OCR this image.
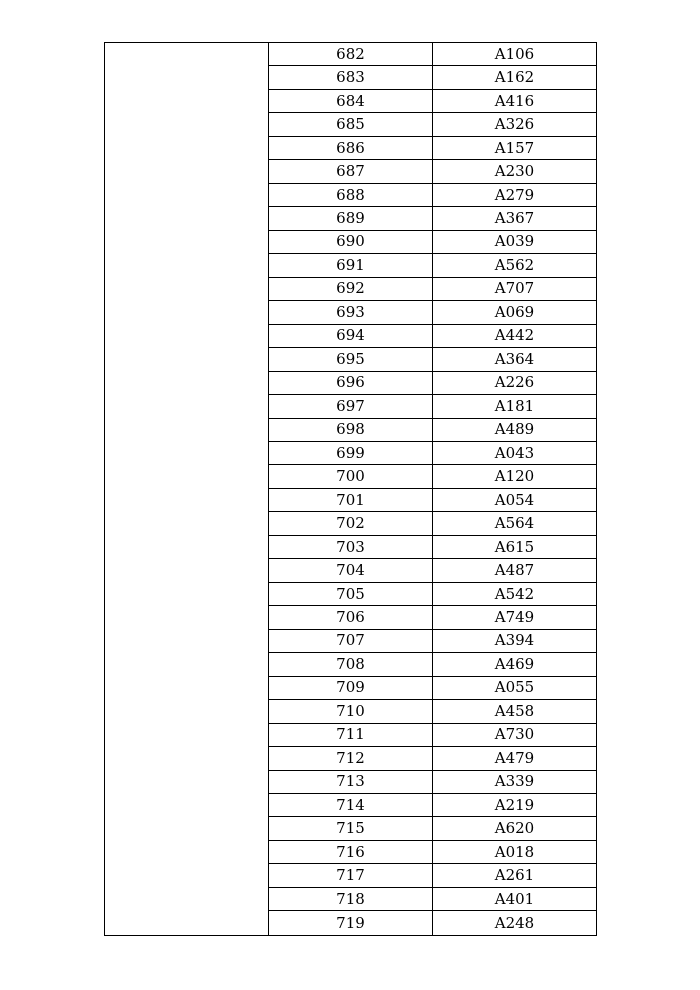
682	A106
683	A162
684	A416
685	A326
686	A157
687	A230
688	A279
689	A367
690	A039
691	A562
692	A707
693	A069
694	A442
695	A364
696	A226
697	A181
698	A489
699	A043
700	A120
701	A054
702	A564
703	A615
704	A487
705	A542
706	A749
707	A394
708	A469
709	A055
710	A458
711	A730
712	A479
713	A339
714	A219
715	A620
716	A018
717	A261
718	A401
719	A248
